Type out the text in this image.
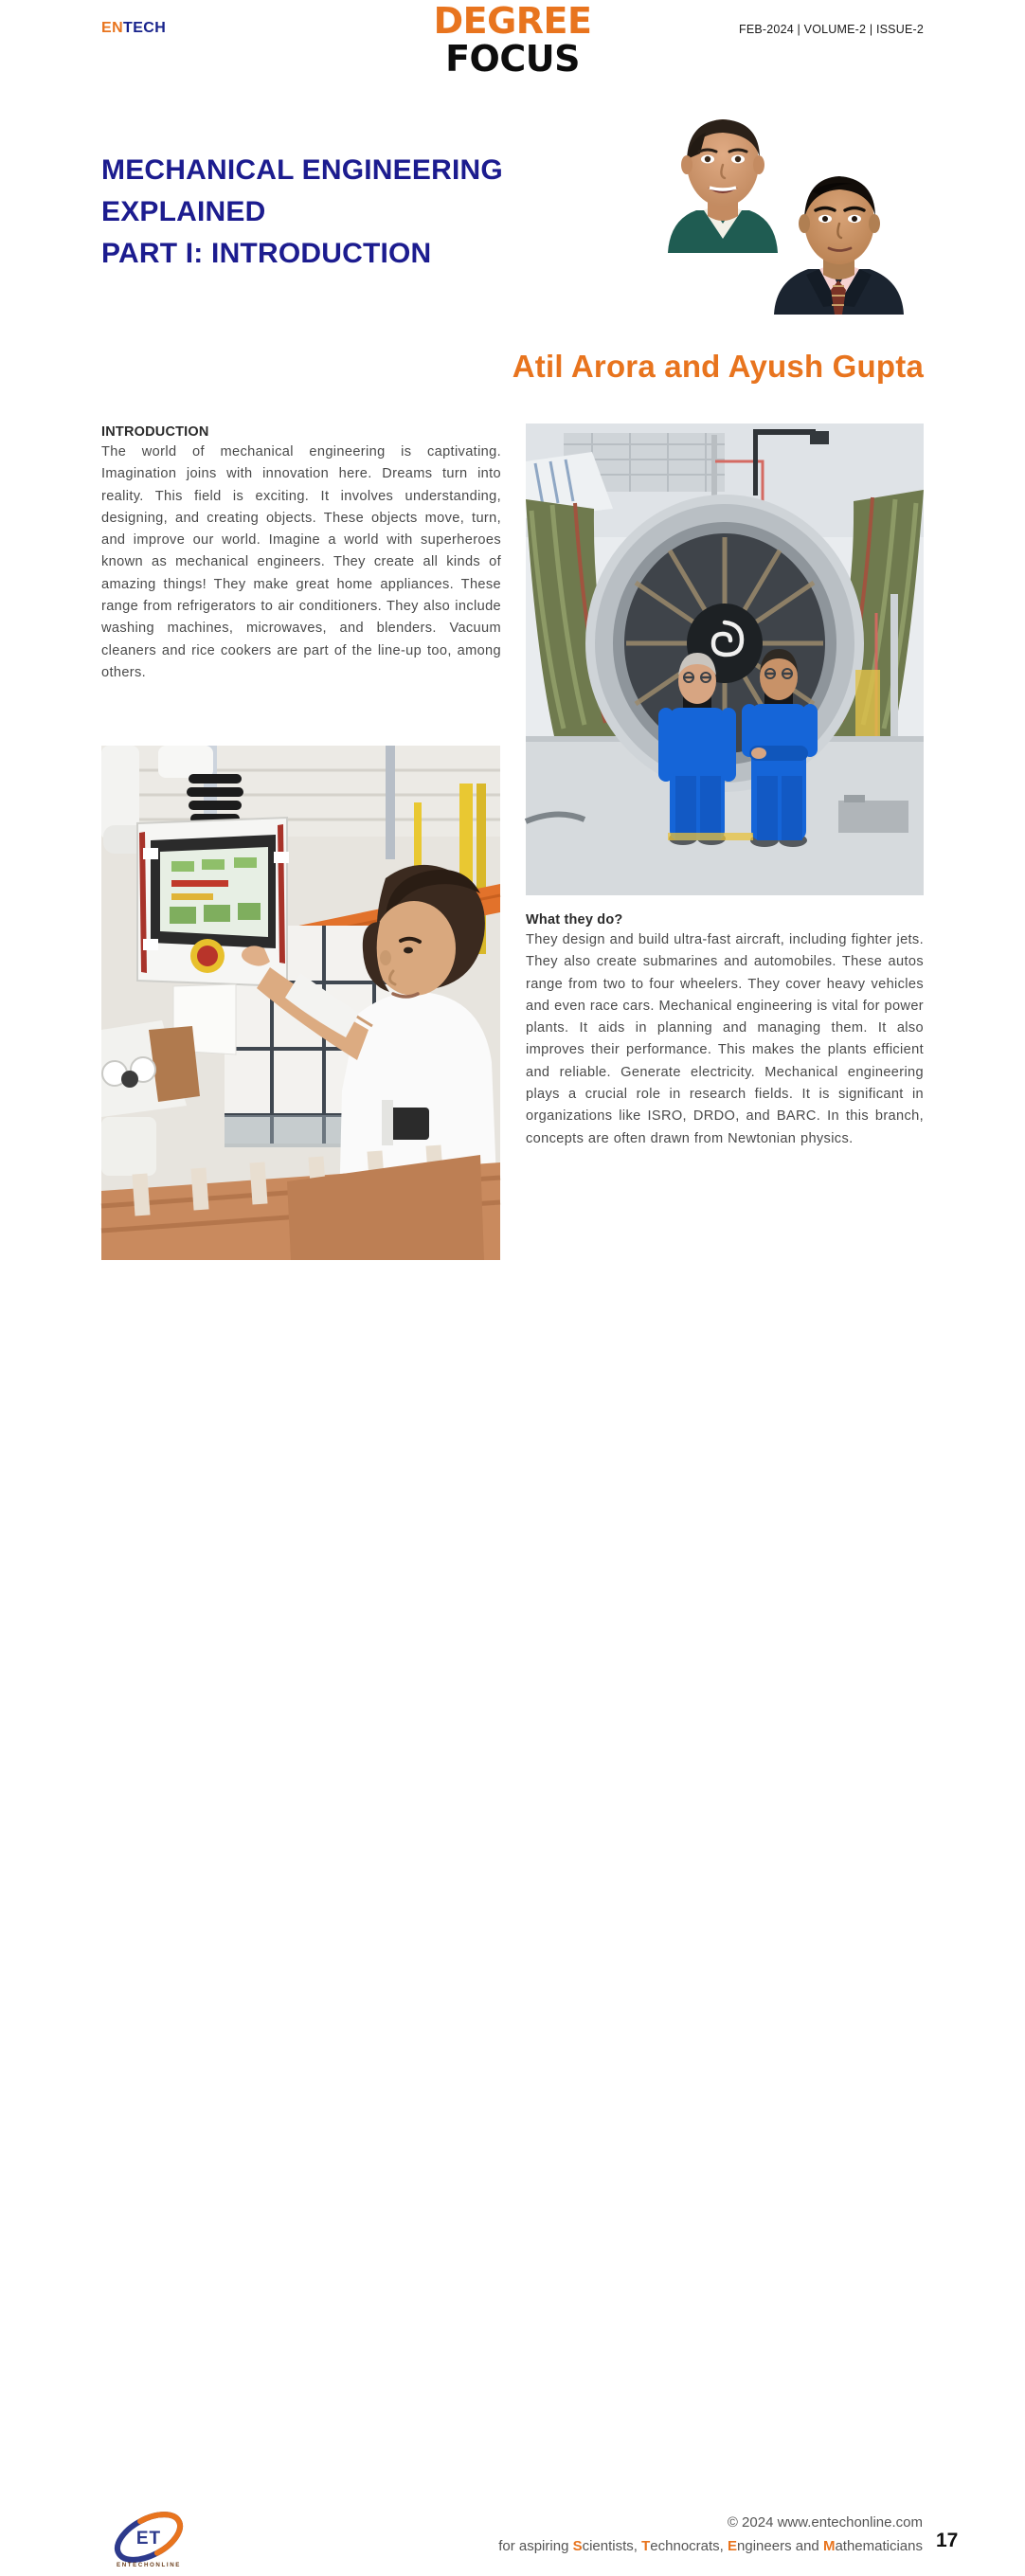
ENTECH	DEGREE
FOCUS
FEB-2024 | VOLUME-2 | ISSUE-2
MECHANICAL ENGINEERING
EXPLAINED
PART I: INTRODUCTION
Atil Arora and Ayush Gupta
INTRODUCTION
The world of mechanical engineering is captivating. Imagination joins with innovation here. Dreams turn into reality. This field is exciting. It involves understanding, designing, and creating objects. These objects move, turn, and improve our world. Imagine a world with superheroes known as mechanical engineers. They create all kinds of amazing things! They make great home appliances. These range from refrigerators to air conditioners. They also include washing machines, microwaves, and blenders. Vacuum cleaners and rice cookers are part of the line-up too, among others.
What they do?
They design and build ultra-fast aircraft, including fighter jets. They also create submarines and automobiles. These autos range from two to four wheelers. They cover heavy vehicles and even race cars. Mechanical engineering is vital for power plants. It aids in planning and managing them. It also improves their performance. This makes the plants efficient and reliable. Generate electricity. Mechanical engineering plays a crucial role in research fields. It is significant in organizations like ISRO, DRDO, and BARC. In this branch, concepts are often drawn from Newtonian physics.
ET
ENTECHONLINE
© 2024 www.entechonline.com
for aspiring Scientists, Technocrats, Engineers and Mathematicians 17
